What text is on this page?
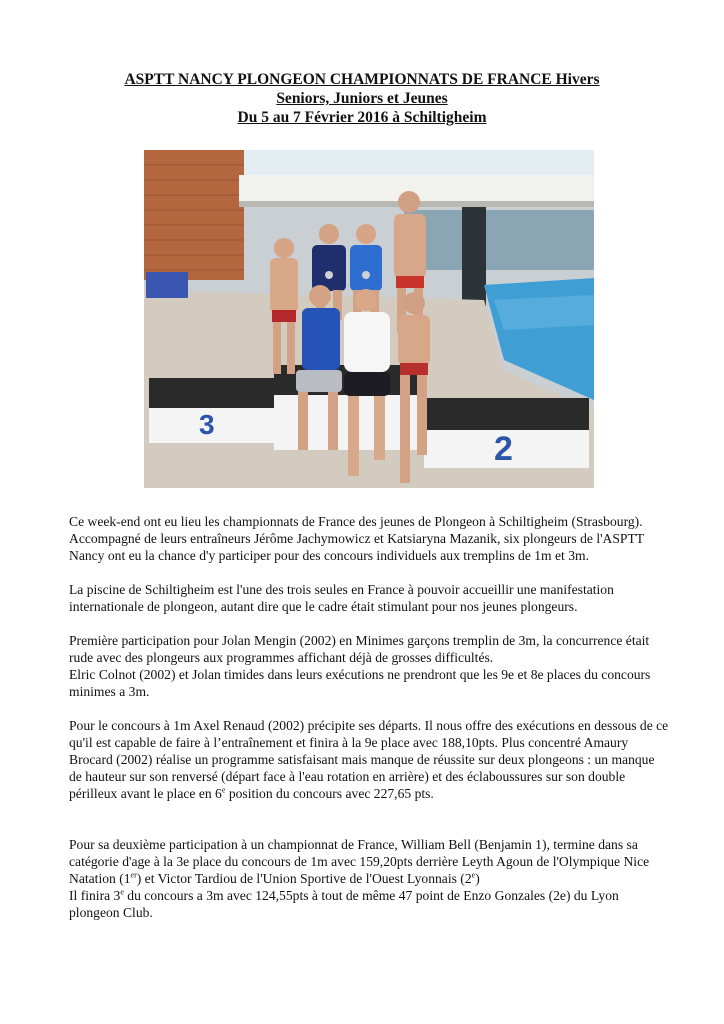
ASPTT NANCY PLONGEON CHAMPIONNATS DE FRANCE Hivers
Seniors, Juniors et Jeunes
Du 5 au 7 Février 2016 à Schiltigheim
3
2

Ce week-end ont eu lieu les championnats de France des jeunes de Plongeon à Schiltigheim (Strasbourg). Accompagné de leurs entraîneurs Jérôme Jachymowicz et Katsiaryna Mazanik, six plongeurs de l'ASPTT Nancy ont eu la chance d'y participer pour des concours individuels aux tremplins de 1m et 3m.

La piscine de Schiltigheim est l'une des trois seules en France à pouvoir accueillir une manifestation internationale de plongeon, autant dire que le cadre était stimulant pour nos jeunes plongeurs.

Première participation pour Jolan Mengin (2002) en Minimes garçons tremplin de 3m, la concurrence était rude avec des plongeurs aux programmes affichant déjà de grosses difficultés.
Elric Colnot (2002) et Jolan timides dans leurs exécutions ne prendront que les 9e et 8e places du concours minimes a 3m.

Pour le concours à 1m Axel Renaud (2002) précipite ses départs. Il nous offre des exécutions en dessous de ce qu'il est capable de faire à l’entraînement et finira à la 9e place avec 188,10pts. Plus concentré Amaury Brocard (2002) réalise un programme satisfaisant mais manque de réussite sur deux plongeons : un manque de hauteur sur son renversé (départ face à l'eau rotation en arrière) et des éclaboussures sur son double périlleux avant le place en 6e position du concours avec 227,65 pts.

Pour sa deuxième participation à un championnat de France, William Bell (Benjamin 1), termine dans sa catégorie d'age à la 3e place du concours de 1m avec 159,20pts derrière Leyth Agoun de l'Olympique Nice Natation (1er) et Victor Tardiou de l'Union Sportive de l'Ouest Lyonnais (2e)
Il finira 3e du concours a 3m avec 124,55pts à tout de même 47 point de Enzo Gonzales (2e) du Lyon plongeon Club.
